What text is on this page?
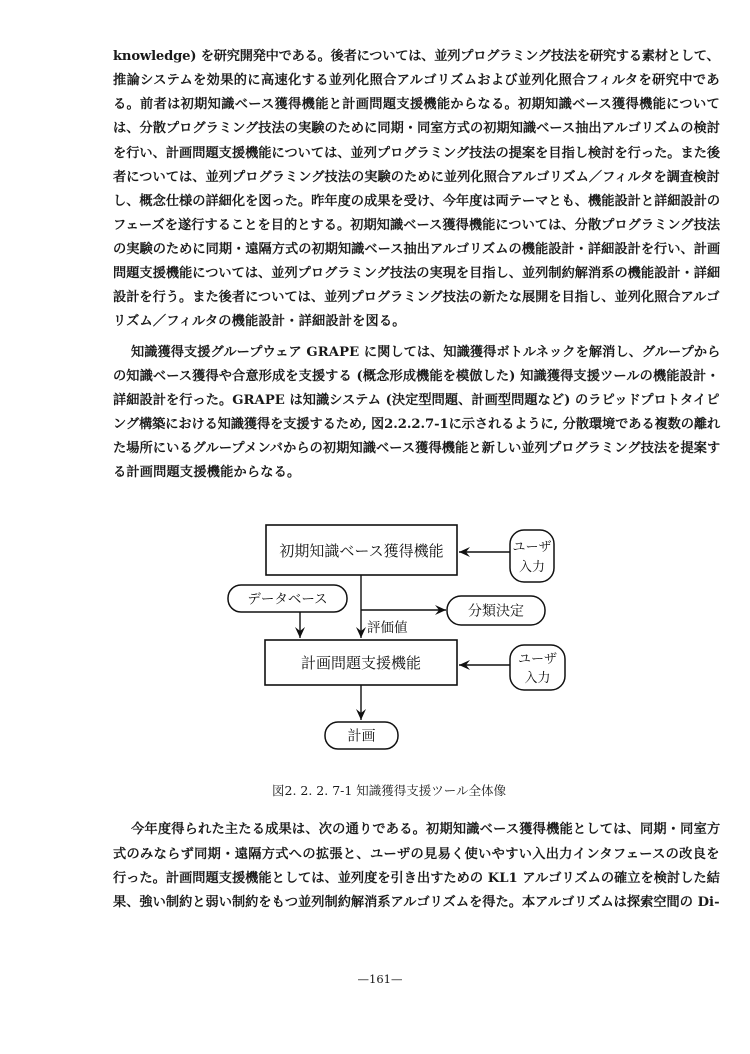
knowledge) を研究開発中である。後者については、並列プログラミング技法を研究する素材として、
推論システムを効果的に高速化する並列化照合アルゴリズムおよび並列化照合フィルタを研究中であ
る。前者は初期知識ベース獲得機能と計画問題支援機能からなる。初期知識ベース獲得機能について
は、分散プログラミング技法の実験のために同期・同室方式の初期知識ベース抽出アルゴリズムの検討
を行い、計画問題支援機能については、並列プログラミング技法の提案を目指し検討を行った。また後
者については、並列プログラミング技法の実験のために並列化照合アルゴリズム／フィルタを調査検討
し、概念仕様の詳細化を図った。昨年度の成果を受け、今年度は両テーマとも、機能設計と詳細設計の
フェーズを遂行することを目的とする。初期知識ベース獲得機能については、分散プログラミング技法
の実験のために同期・遠隔方式の初期知識ベース抽出アルゴリズムの機能設計・詳細設計を行い、計画
問題支援機能については、並列プログラミング技法の実現を目指し、並列制約解消系の機能設計・詳細
設計を行う。また後者については、並列プログラミング技法の新たな展開を目指し、並列化照合アルゴ
リズム／フィルタの機能設計・詳細設計を図る。
知識獲得支援グループウェア GRAPE に関しては、知識獲得ボトルネックを解消し、グループから
の知識ベース獲得や合意形成を支援する (概念形成機能を模倣した) 知識獲得支援ツールの機能設計・
詳細設計を行った。GRAPE は知識システム (決定型問題、計画型問題など) のラピッドプロトタイピ
ング構築における知識獲得を支援するため, 図2.2.2.7-1に示されるように, 分散環境である複数の離れ
た場所にいるグループメンバからの初期知識ベース獲得機能と新しい並列プログラミング技法を提案す
る計画問題支援機能からなる。
初期知識ベース獲得機能	ユーザ
入力
データベース
分類決定
評価値
計画問題支援機能	ユーザ
入力
計画
図2. 2. 2. 7-1 知識獲得支援ツール全体像
今年度得られた主たる成果は、次の通りである。初期知識ベース獲得機能としては、同期・同室方
式のみならず同期・遠隔方式への拡張と、ユーザの見易く使いやすい入出力インタフェースの改良を
行った。計画問題支援機能としては、並列度を引き出すための KL1 アルゴリズムの確立を検討した結
果、強い制約と弱い制約をもつ並列制約解消系アルゴリズムを得た。本アルゴリズムは探索空間の Di-
—161—
